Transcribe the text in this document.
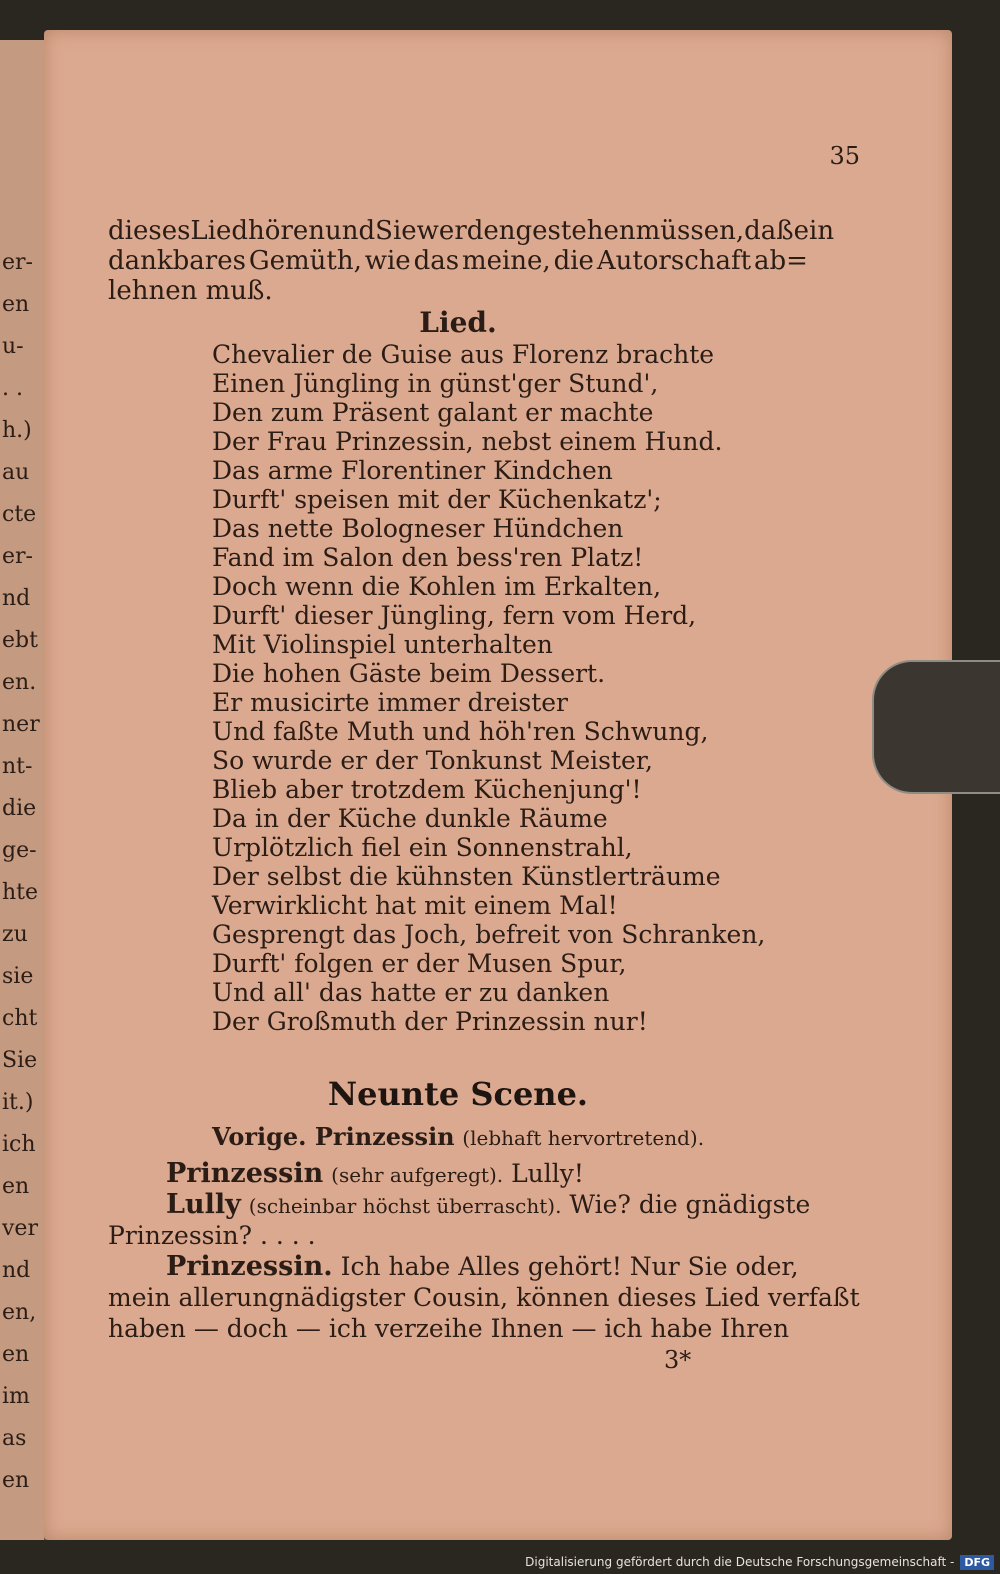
er-
en
u-
. .
h.)
au
cte
er-
nd
ebt
en.
ner
nt-
die
ge-
hte
zu
sie
cht
Sie
it.)
ich
en
ver
nd
en,
en
im
as
en
35
dieses Lied hören und Sie werden gestehen müssen, daß ein
dankbares Gemüth, wie das meine, die Autorschaft ab=
lehnen muß.
Lied.
Chevalier de Guise aus Florenz brachte
Einen Jüngling in günst'ger Stund',
Den zum Präsent galant er machte
Der Frau Prinzessin, nebst einem Hund.
Das arme Florentiner Kindchen
Durft' speisen mit der Küchenkatz';
Das nette Bologneser Hündchen
Fand im Salon den bess'ren Platz!
Doch wenn die Kohlen im Erkalten,
Durft' dieser Jüngling, fern vom Herd,
Mit Violinspiel unterhalten
Die hohen Gäste beim Dessert.
Er musicirte immer dreister
Und faßte Muth und höh'ren Schwung,
So wurde er der Tonkunst Meister,
Blieb aber trotzdem Küchenjung'!
Da in der Küche dunkle Räume
Urplötzlich fiel ein Sonnenstrahl,
Der selbst die kühnsten Künstlerträume
Verwirklicht hat mit einem Mal!
Gesprengt das Joch, befreit von Schranken,
Durft' folgen er der Musen Spur,
Und all' das hatte er zu danken
Der Großmuth der Prinzessin nur!
Neunte Scene.
Vorige. Prinzessin (lebhaft hervortretend).
Prinzessin (sehr aufgeregt). Lully!
Lully (scheinbar höchst überrascht). Wie? die gnädigste
Prinzessin? . . . .
Prinzessin. Ich habe Alles gehört! Nur Sie oder,
mein allerungnädigster Cousin, können dieses Lied verfaßt
haben — doch — ich verzeihe Ihnen — ich habe Ihren
3*
Digitalisierung gefördert durch die Deutsche Forschungsgemeinschaft - DFG
